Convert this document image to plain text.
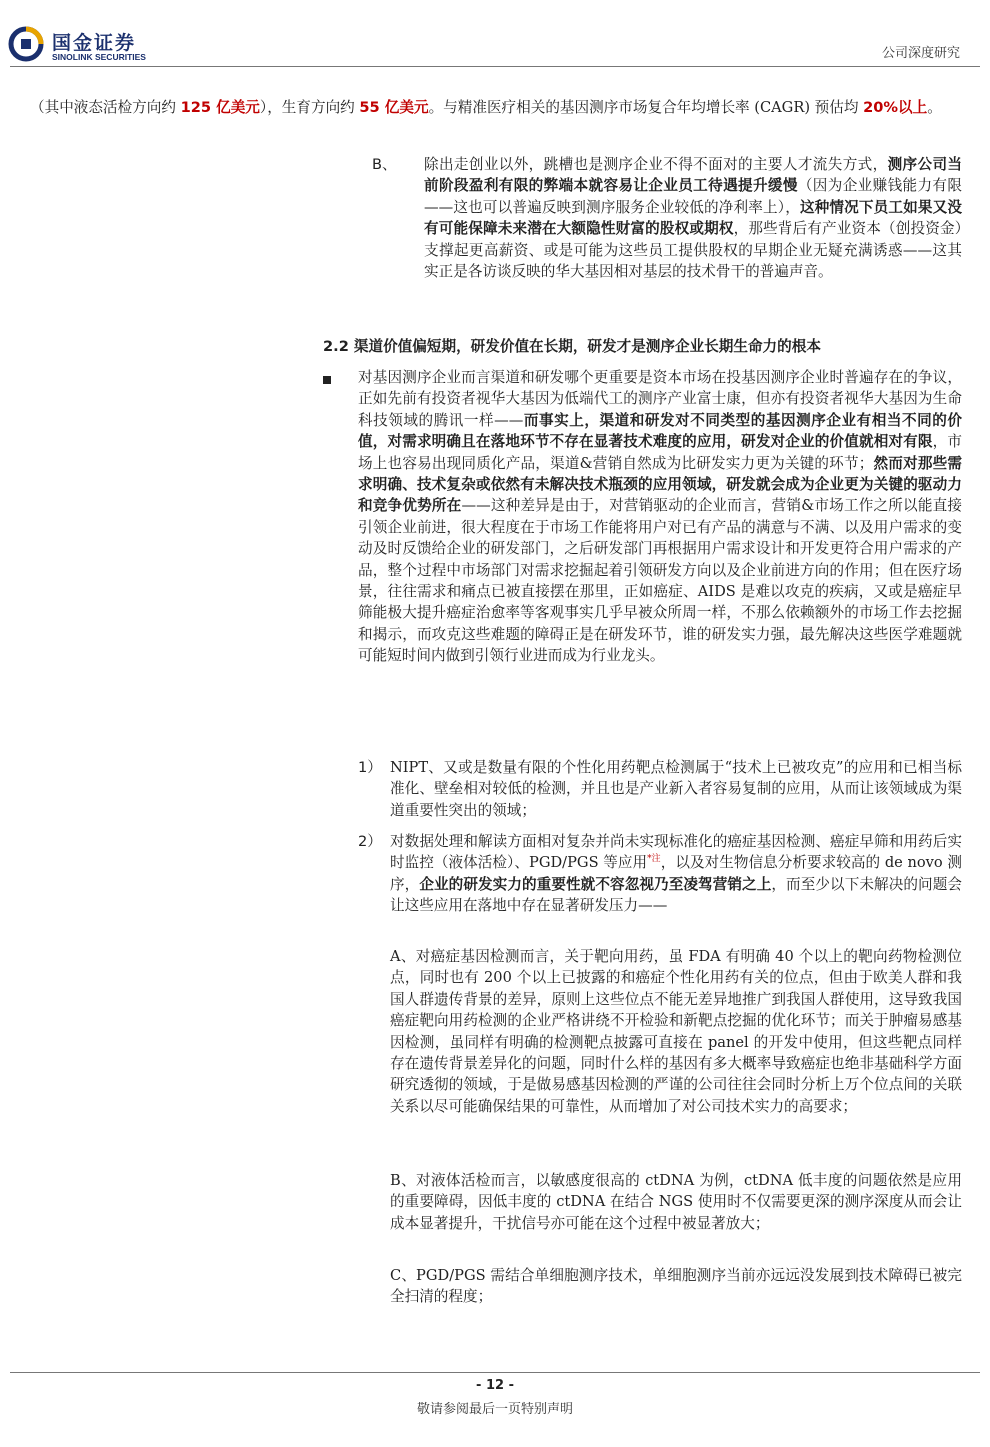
国金证券
SINOLINK SECURITIES	公司深度研究

（其中液态活检方向约 125 亿美元），生育方向约 55 亿美元。与精准医疗相关的基因测序市场复合年均增长率 (CAGR) 预估均 20%以上。

B、 除出走创业以外，跳槽也是测序企业不得不面对的主要人才流失方式，测序公司当前阶段盈利有限的弊端本就容易让企业员工待遇提升缓慢（因为企业赚钱能力有限——这也可以普遍反映到测序服务企业较低的净利率上），这种情况下员工如果又没有可能保障未来潜在大额隐性财富的股权或期权，那些背后有产业资本（创投资金）支撑起更高薪资、或是可能为这些员工提供股权的早期企业无疑充满诱惑——这其实正是各访谈反映的华大基因相对基层的技术骨干的普遍声音。

2.2 渠道价值偏短期，研发价值在长期，研发才是测序企业长期生命力的根本

对基因测序企业而言渠道和研发哪个更重要是资本市场在投基因测序企业时普遍存在的争议，正如先前有投资者视华大基因为低端代工的测序产业富士康，但亦有投资者视华大基因为生命科技领域的腾讯一样——而事实上，渠道和研发对不同类型的基因测序企业有相当不同的价值，对需求明确且在落地环节不存在显著技术难度的应用，研发对企业的价值就相对有限，市场上也容易出现同质化产品，渠道&营销自然成为比研发实力更为关键的环节；然而对那些需求明确、技术复杂或依然有未解决技术瓶颈的应用领域，研发就会成为企业更为关键的驱动力和竞争优势所在——这种差异是由于，对营销驱动的企业而言，营销&市场工作之所以能直接引领企业前进，很大程度在于市场工作能将用户对已有产品的满意与不满、以及用户需求的变动及时反馈给企业的研发部门，之后研发部门再根据用户需求设计和开发更符合用户需求的产品，整个过程中市场部门对需求挖掘起着引领研发方向以及企业前进方向的作用；但在医疗场景，往往需求和痛点已被直接摆在那里，正如癌症、AIDS 是难以攻克的疾病，又或是癌症早筛能极大提升癌症治愈率等客观事实几乎早被众所周一样，不那么依赖额外的市场工作去挖掘和揭示，而攻克这些难题的障碍正是在研发环节，谁的研发实力强，最先解决这些医学难题就可能短时间内做到引领行业进而成为行业龙头。

1） NIPT、又或是数量有限的个性化用药靶点检测属于“技术上已被攻克”的应用和已相当标准化、壁垒相对较低的检测，并且也是产业新入者容易复制的应用，从而让该领域成为渠道重要性突出的领域；

2） 对数据处理和解读方面相对复杂并尚未实现标准化的癌症基因检测、癌症早筛和用药后实时监控（液体活检）、PGD/PGS 等应用$^{*注}$，以及对生物信息分析要求较高的 de novo 测序，企业的研发实力的重要性就不容忽视乃至凌驾营销之上，而至少以下未解决的问题会让这些应用在落地中存在显著研发压力——

A、对癌症基因检测而言，关于靶向用药，虽 FDA 有明确 40 个以上的靶向药物检测位点，同时也有 200 个以上已披露的和癌症个性化用药有关的位点，但由于欧美人群和我国人群遗传背景的差异，原则上这些位点不能无差异地推广到我国人群使用，这导致我国癌症靶向用药检测的企业严格讲绕不开检验和新靶点挖掘的优化环节；而关于肿瘤易感基因检测，虽同样有明确的检测靶点披露可直接在 panel 的开发中使用，但这些靶点同样存在遗传背景差异化的问题，同时什么样的基因有多大概率导致癌症也绝非基础科学方面研究透彻的领域，于是做易感基因检测的严谨的公司往往会同时分析上万个位点间的关联关系以尽可能确保结果的可靠性，从而增加了对公司技术实力的高要求；

B、对液体活检而言，以敏感度很高的 ctDNA 为例，ctDNA 低丰度的问题依然是应用的重要障碍，因低丰度的 ctDNA 在结合 NGS 使用时不仅需要更深的测序深度从而会让成本显著提升，干扰信号亦可能在这个过程中被显著放大；

C、PGD/PGS 需结合单细胞测序技术，单细胞测序当前亦远远没发展到技术障碍已被完全扫清的程度；

- 12 -
敬请参阅最后一页特别声明
